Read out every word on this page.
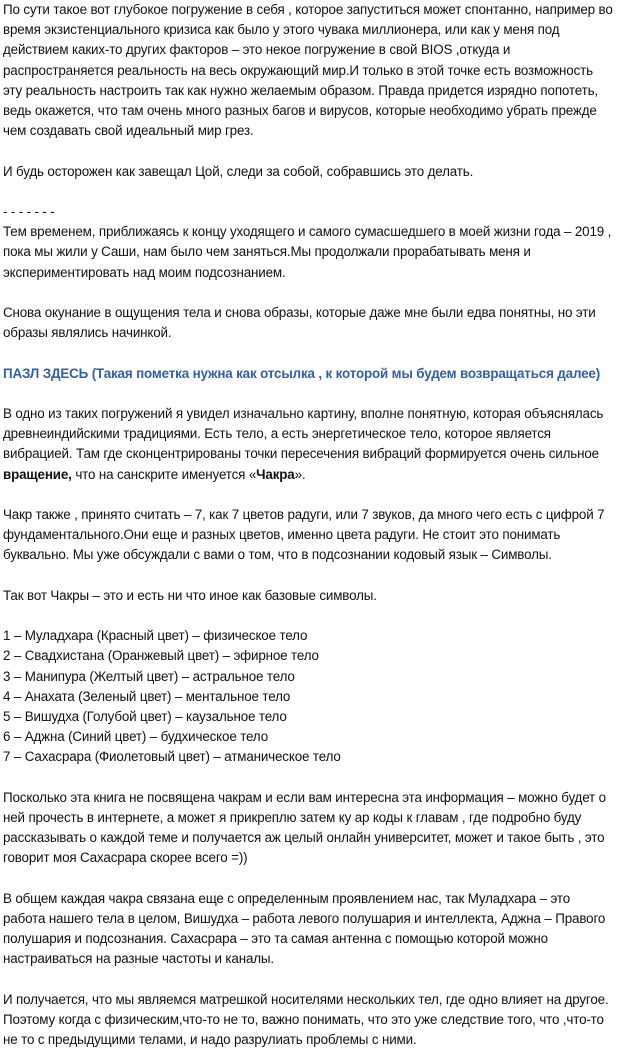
По сути такое вот глубокое погружение в себя , которое запуститься может спонтанно, например во время экзистенциального кризиса как было у этого чувака миллионера, или как у меня под действием каких-то других факторов – это некое погружение в свой BIOS ,откуда и распространяется реальность на весь окружающий мир.И только в этой точке есть возможность эту реальность настроить так как нужно желаемым образом. Правда придется изрядно попотеть, ведь окажется, что там очень много разных багов и вирусов, которые необходимо убрать прежде чем создавать свой идеальный мир грез.

И будь осторожен как завещал Цой, следи за собой, собравшись это делать.

- - - - - - -

Тем временем, приближаясь к концу уходящего и самого сумасшедшего в моей жизни года – 2019 , пока мы жили у Саши, нам было чем заняться.Мы продолжали прорабатывать меня и экспериментировать над моим подсознанием.

Снова окунание в ощущения тела и снова образы, которые даже мне были едва понятны, но эти образы являлись начинкой.

ПАЗЛ ЗДЕСЬ (Такая пометка нужна как отсылка , к которой мы будем возвращаться далее)

В одно из таких погружений я увидел изначально картину, вполне понятную, которая объяснялась древнеиндийскими традициями. Есть тело, а есть энергетическое тело, которое является вибрацией. Там где сконцентрированы точки пересечения вибраций формируется очень сильное вращение, что на санскрите именуется «Чакра».

Чакр также , принято считать – 7, как 7 цветов радуги, или 7 звуков, да много чего есть с цифрой 7 фундаментального.Они еще и разных цветов, именно цвета радуги. Не стоит это понимать буквально. Мы уже обсуждали с вами о том, что в подсознании кодовый язык – Символы.

Так вот Чакры – это и есть ни что иное как базовые символы.

1 – Муладхара (Красный цвет) – физическое тело
2 – Свадхистана (Оранжевый цвет) – эфирное тело
3 – Манипура (Желтый цвет) – астральное тело
4 – Анахата (Зеленый цвет) – ментальное тело
5 – Вишудха (Голубой цвет) – каузальное тело
6 – Аджна (Синий цвет) – будхическое тело
7 – Сахасрара (Фиолетовый цвет) – атманическое тело

Посколько эта книга не посвящена чакрам и если вам интересна эта информация – можно будет о ней прочесть в интернете, а может я прикреплю затем ку ар коды к главам , где подробно буду рассказывать о каждой теме и получается аж целый онлайн университет, может и такое быть , это говорит моя Сахасрара скорее всего =))

В общем каждая чакра связана еще с определенным проявлением нас, так Муладхара – это работа нашего тела в целом, Вишудха – работа левого полушария и интеллекта, Аджна – Правого полушария и подсознания. Сахасрара – это та самая антенна с помощью которой можно настраиваться на разные частоты и каналы.

И получается, что мы являемся матрешкой носителями нескольких тел, где одно влияет на другое. Поэтому когда с физическим,что-то не то, важно понимать, что это уже следствие того, что ,что-то не то с предыдущими телами, и надо разрулиать проблемы с ними.
